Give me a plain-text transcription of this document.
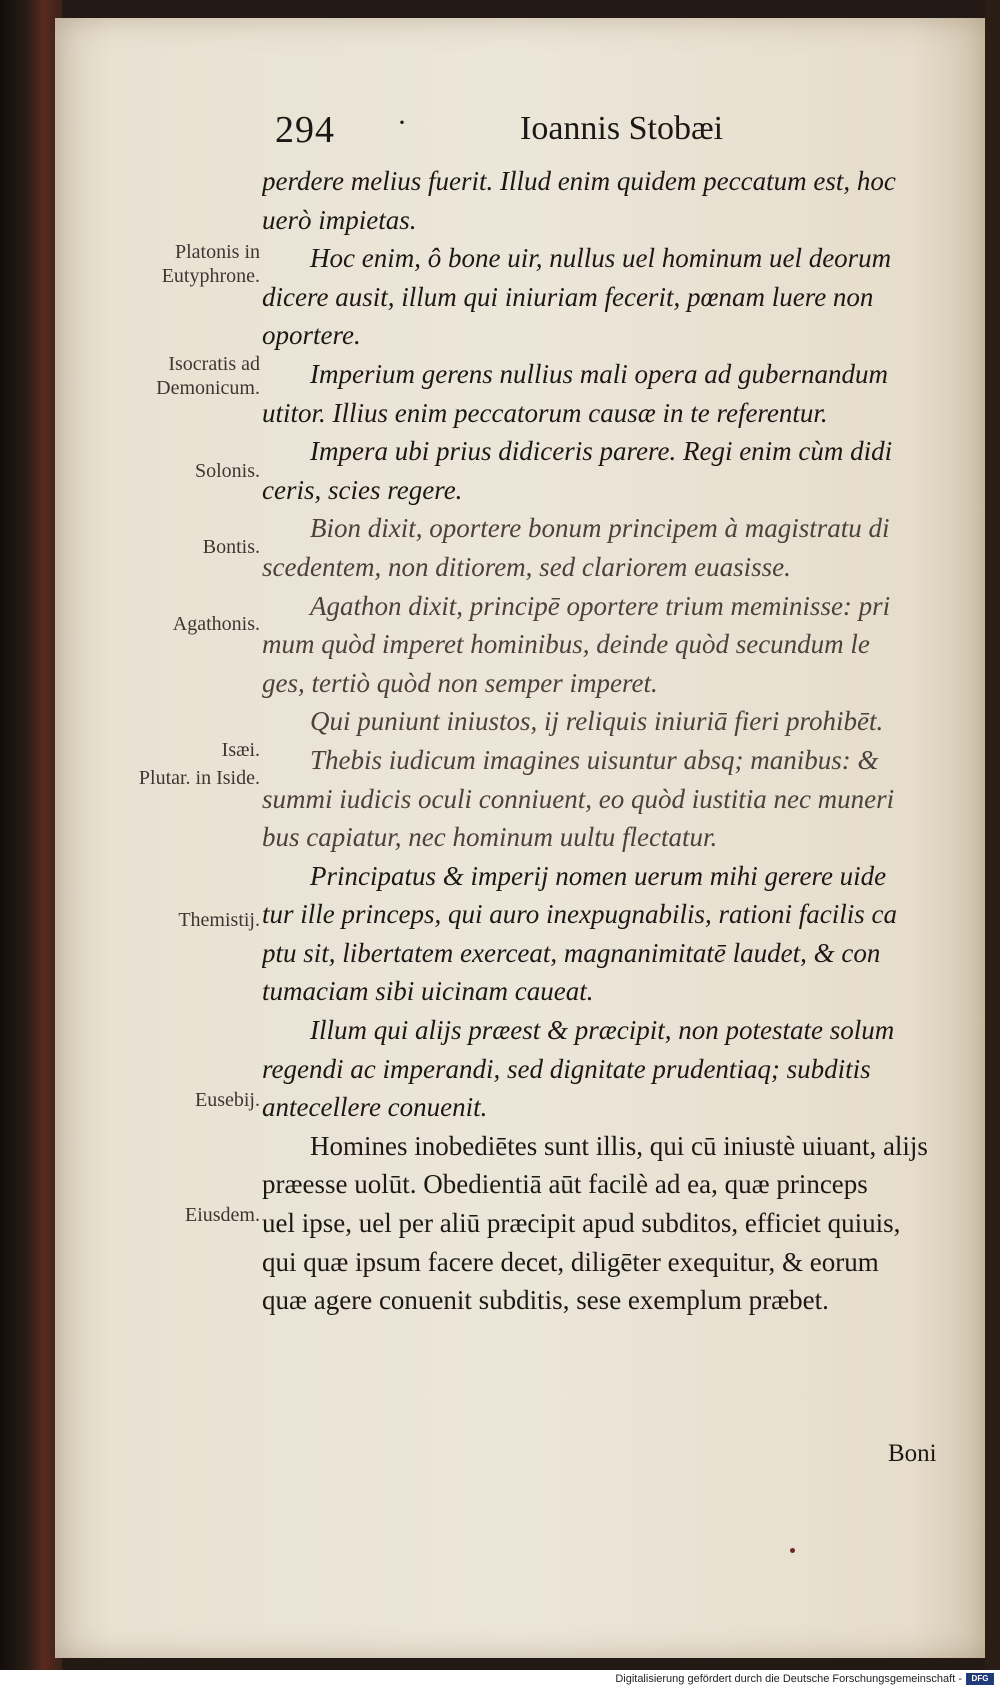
294 ·	Ioannis Stobæi
Platonis in Eutyphrone.
Isocratis ad Demonicum.
Solonis.
Bontis.
Agathonis.
Isæi.
Plutar. in Iside.
Themistij.
Eusebij.
Eiusdem.
perdere melius fuerit. Illud enim quidem peccatum est, hoc
uerò impietas.
Hoc enim, ô bone uir, nullus uel hominum uel deorum
dicere ausit, illum qui iniuriam fecerit, pœnam luere non
oportere.
Imperium gerens nullius mali opera ad gubernandum
utitor. Illius enim peccatorum causæ in te referentur.
Impera ubi prius didiceris parere. Regi enim cùm didi
ceris, scies regere.
Bion dixit, oportere bonum principem à magistratu di
scedentem, non ditiorem, sed clariorem euasisse.
Agathon dixit, principē oportere trium meminisse: pri
mum quòd imperet hominibus, deinde quòd secundum le
ges, tertiò quòd non semper imperet.
Qui puniunt iniustos, ij reliquis iniuriā fieri prohibēt.
Thebis iudicum imagines uisuntur absq; manibus: &
summi iudicis oculi conniuent, eo quòd iustitia nec muneri
bus capiatur, nec hominum uultu flectatur.
Principatus & imperij nomen uerum mihi gerere uide
tur ille princeps, qui auro inexpugnabilis, rationi facilis ca
ptu sit, libertatem exerceat, magnanimitatē laudet, & con
tumaciam sibi uicinam caueat.
Illum qui alijs præest & præcipit, non potestate solum
regendi ac imperandi, sed dignitate prudentiaq; subditis
antecellere conuenit.
Homines inobediētes sunt illis, qui cū iniustè uiuant, alijs
præesse uolūt. Obedientiā aūt facilè ad ea, quæ princeps
uel ipse, uel per aliū præcipit apud subditos, efficiet quiuis,
qui quæ ipsum facere decet, diligēter exequitur, & eorum
quæ agere conuenit subditis, sese exemplum præbet.
Boni
Digitalisierung gefördert durch die Deutsche Forschungsgemeinschaft -	DFG
